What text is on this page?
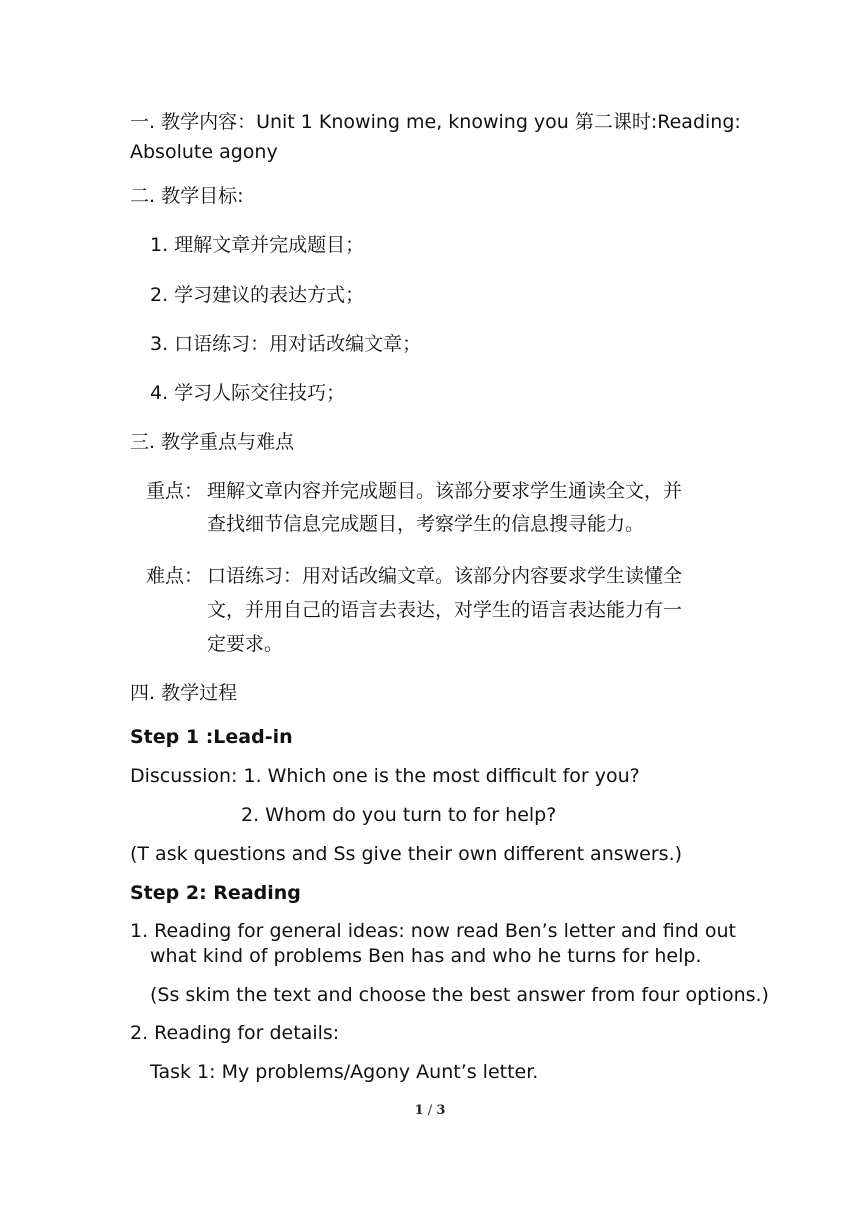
一. 教学内容：Unit 1 Knowing me, knowing you 第二课时:Reading:

Absolute agony

二. 教学目标:

1. 理解文章并完成题目；

2. 学习建议的表达方式；

3. 口语练习：用对话改编文章；

4. 学习人际交往技巧；

三. 教学重点与难点

重点： 理解文章内容并完成题目。该部分要求学生通读全文，并

查找细节信息完成题目，考察学生的信息搜寻能力。

难点： 口语练习：用对话改编文章。该部分内容要求学生读懂全

文，并用自己的语言去表达，对学生的语言表达能力有一

定要求。

四. 教学过程

Step 1 :Lead-in

Discussion: 1. Which one is the most difficult for you?

2. Whom do you turn to for help?

(T ask questions and Ss give their own different answers.)

Step 2: Reading

1. Reading for general ideas: now read Ben’s letter and find out

what kind of problems Ben has and who he turns for help.

(Ss skim the text and choose the best answer from four options.)

2. Reading for details:

Task 1: My problems/Agony Aunt’s letter.

1 / 3
